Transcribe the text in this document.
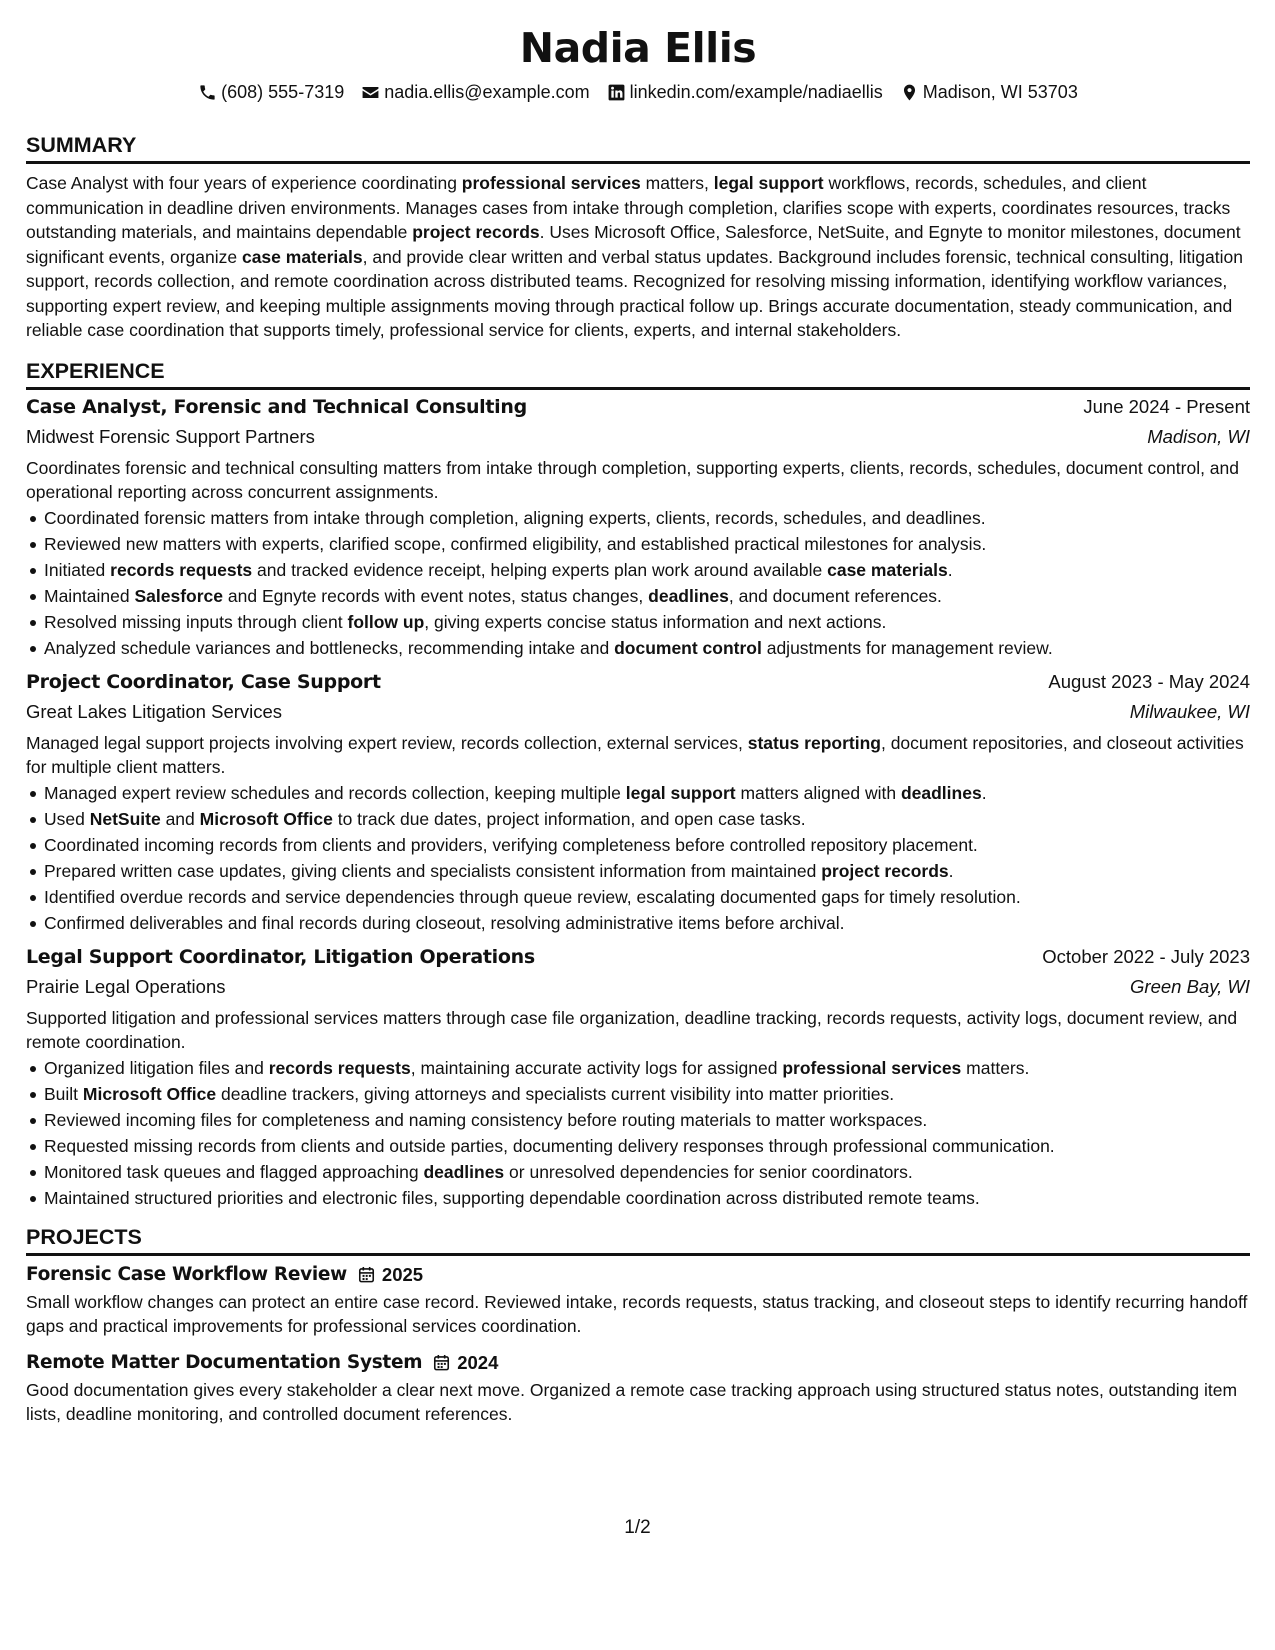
Nadia Ellis
(608) 555-7319 nadia.ellis@example.com linkedin.com/example/nadiaellis Madison, WI 53703
SUMMARY

Case Analyst with four years of experience coordinating professional services matters, legal support workflows, records, schedules, and client communication in deadline driven environments. Manages cases from intake through completion, clarifies scope with experts, coordinates resources, tracks outstanding materials, and maintains dependable project records. Uses Microsoft Office, Salesforce, NetSuite, and Egnyte to monitor milestones, document significant events, organize case materials, and provide clear written and verbal status updates. Background includes forensic, technical consulting, litigation support, records collection, and remote coordination across distributed teams. Recognized for resolving missing information, identifying workflow variances, supporting expert review, and keeping multiple assignments moving through practical follow up. Brings accurate documentation, steady communication, and reliable case coordination that supports timely, professional service for clients, experts, and internal stakeholders.

EXPERIENCE
Case Analyst, Forensic and Technical Consulting	June 2024 - Present
Midwest Forensic Support Partners	Madison, WI

Coordinates forensic and technical consulting matters from intake through completion, supporting experts, clients, records, schedules, document control, and operational reporting across concurrent assignments.

Coordinated forensic matters from intake through completion, aligning experts, clients, records, schedules, and deadlines.
Reviewed new matters with experts, clarified scope, confirmed eligibility, and established practical milestones for analysis.
Initiated records requests and tracked evidence receipt, helping experts plan work around available case materials.
Maintained Salesforce and Egnyte records with event notes, status changes, deadlines, and document references.
Resolved missing inputs through client follow up, giving experts concise status information and next actions.
Analyzed schedule variances and bottlenecks, recommending intake and document control adjustments for management review.
Project Coordinator, Case Support	August 2023 - May 2024
Great Lakes Litigation Services	Milwaukee, WI

Managed legal support projects involving expert review, records collection, external services, status reporting, document repositories, and closeout activities for multiple client matters.

Managed expert review schedules and records collection, keeping multiple legal support matters aligned with deadlines.
Used NetSuite and Microsoft Office to track due dates, project information, and open case tasks.
Coordinated incoming records from clients and providers, verifying completeness before controlled repository placement.
Prepared written case updates, giving clients and specialists consistent information from maintained project records.
Identified overdue records and service dependencies through queue review, escalating documented gaps for timely resolution.
Confirmed deliverables and final records during closeout, resolving administrative items before archival.
Legal Support Coordinator, Litigation Operations	October 2022 - July 2023
Prairie Legal Operations	Green Bay, WI

Supported litigation and professional services matters through case file organization, deadline tracking, records requests, activity logs, document review, and remote coordination.

Organized litigation files and records requests, maintaining accurate activity logs for assigned professional services matters.
Built Microsoft Office deadline trackers, giving attorneys and specialists current visibility into matter priorities.
Reviewed incoming files for completeness and naming consistency before routing materials to matter workspaces.
Requested missing records from clients and outside parties, documenting delivery responses through professional communication.
Monitored task queues and flagged approaching deadlines or unresolved dependencies for senior coordinators.
Maintained structured priorities and electronic files, supporting dependable coordination across distributed remote teams.
PROJECTS
Forensic Case Workflow Review 2025

Small workflow changes can protect an entire case record. Reviewed intake, records requests, status tracking, and closeout steps to identify recurring handoff gaps and practical improvements for professional services coordination.

Remote Matter Documentation System 2024

Good documentation gives every stakeholder a clear next move. Organized a remote case tracking approach using structured status notes, outstanding item lists, deadline monitoring, and controlled document references.

1/2
